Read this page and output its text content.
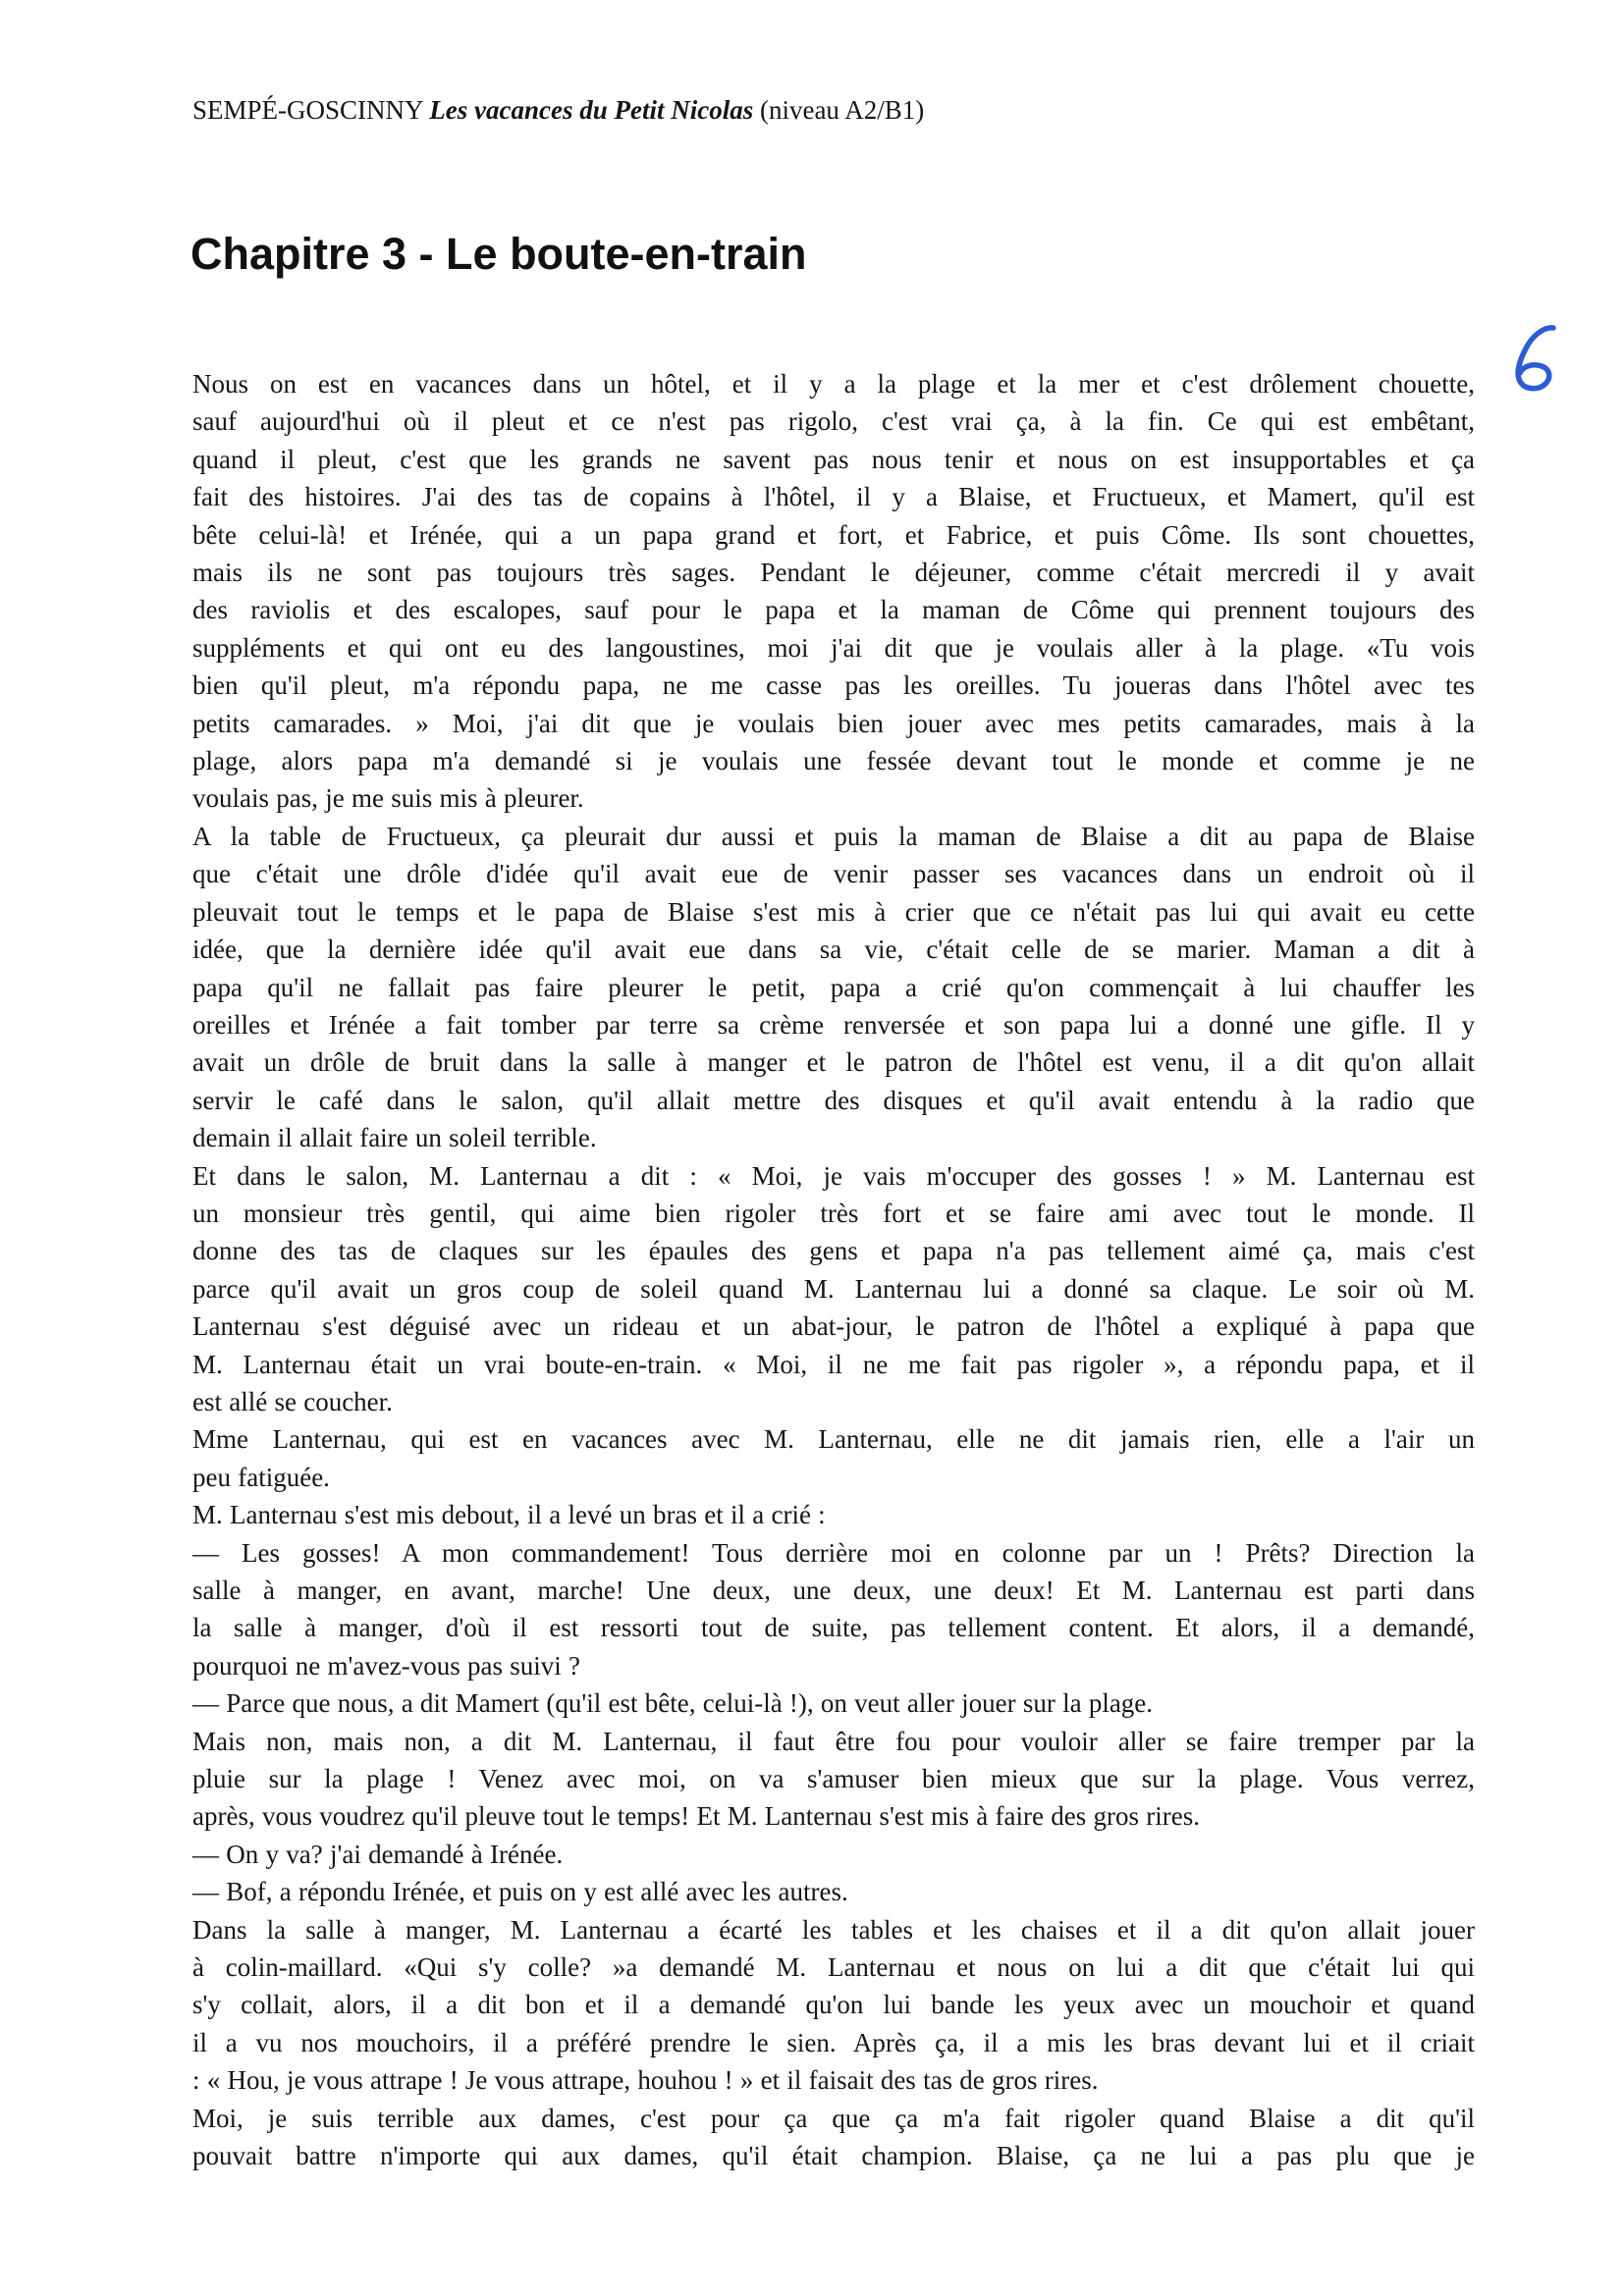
SEMPÉ-GOSCINNY Les vacances du Petit Nicolas (niveau A2/B1)
Chapitre 3 - Le boute-en-train
Nous on est en vacances dans un hôtel, et il y a la plage et la mer et c'est drôlement chouette,
sauf aujourd'hui où il pleut et ce n'est pas rigolo, c'est vrai ça, à la fin. Ce qui est embêtant,
quand il pleut, c'est que les grands ne savent pas nous tenir et nous on est insupportables et ça
fait des histoires. J'ai des tas de copains à l'hôtel, il y a Blaise, et Fructueux, et Mamert, qu'il est
bête celui-là! et Irénée, qui a un papa grand et fort, et Fabrice, et puis Côme. Ils sont chouettes,
mais ils ne sont pas toujours très sages. Pendant le déjeuner, comme c'était mercredi il y avait
des raviolis et des escalopes, sauf pour le papa et la maman de Côme qui prennent toujours des
suppléments et qui ont eu des langoustines, moi j'ai dit que je voulais aller à la plage. «Tu vois
bien qu'il pleut, m'a répondu papa, ne me casse pas les oreilles. Tu joueras dans l'hôtel avec tes
petits camarades. » Moi, j'ai dit que je voulais bien jouer avec mes petits camarades, mais à la
plage, alors papa m'a demandé si je voulais une fessée devant tout le monde et comme je ne
voulais pas, je me suis mis à pleurer.
A la table de Fructueux, ça pleurait dur aussi et puis la maman de Blaise a dit au papa de Blaise
que c'était une drôle d'idée qu'il avait eue de venir passer ses vacances dans un endroit où il
pleuvait tout le temps et le papa de Blaise s'est mis à crier que ce n'était pas lui qui avait eu cette
idée, que la dernière idée qu'il avait eue dans sa vie, c'était celle de se marier. Maman a dit à
papa qu'il ne fallait pas faire pleurer le petit, papa a crié qu'on commençait à lui chauffer les
oreilles et Irénée a fait tomber par terre sa crème renversée et son papa lui a donné une gifle. Il y
avait un drôle de bruit dans la salle à manger et le patron de l'hôtel est venu, il a dit qu'on allait
servir le café dans le salon, qu'il allait mettre des disques et qu'il avait entendu à la radio que
demain il allait faire un soleil terrible.
Et dans le salon, M. Lanternau a dit : « Moi, je vais m'occuper des gosses ! » M. Lanternau est
un monsieur très gentil, qui aime bien rigoler très fort et se faire ami avec tout le monde. Il
donne des tas de claques sur les épaules des gens et papa n'a pas tellement aimé ça, mais c'est
parce qu'il avait un gros coup de soleil quand M. Lanternau lui a donné sa claque. Le soir où M.
Lanternau s'est déguisé avec un rideau et un abat-jour, le patron de l'hôtel a expliqué à papa que
M. Lanternau était un vrai boute-en-train. « Moi, il ne me fait pas rigoler », a répondu papa, et il
est allé se coucher.
Mme Lanternau, qui est en vacances avec M. Lanternau, elle ne dit jamais rien, elle a l'air un
peu fatiguée.
M. Lanternau s'est mis debout, il a levé un bras et il a crié :
— Les gosses! A mon commandement! Tous derrière moi en colonne par un ! Prêts? Direction la
salle à manger, en avant, marche! Une deux, une deux, une deux! Et M. Lanternau est parti dans
la salle à manger, d'où il est ressorti tout de suite, pas tellement content. Et alors, il a demandé,
pourquoi ne m'avez-vous pas suivi ?
— Parce que nous, a dit Mamert (qu'il est bête, celui-là !), on veut aller jouer sur la plage.
Mais non, mais non, a dit M. Lanternau, il faut être fou pour vouloir aller se faire tremper par la
pluie sur la plage ! Venez avec moi, on va s'amuser bien mieux que sur la plage. Vous verrez,
après, vous voudrez qu'il pleuve tout le temps! Et M. Lanternau s'est mis à faire des gros rires.
— On y va? j'ai demandé à Irénée.
— Bof, a répondu Irénée, et puis on y est allé avec les autres.
Dans la salle à manger, M. Lanternau a écarté les tables et les chaises et il a dit qu'on allait jouer
à colin-maillard. «Qui s'y colle? »a demandé M. Lanternau et nous on lui a dit que c'était lui qui
s'y collait, alors, il a dit bon et il a demandé qu'on lui bande les yeux avec un mouchoir et quand
il a vu nos mouchoirs, il a préféré prendre le sien. Après ça, il a mis les bras devant lui et il criait
: « Hou, je vous attrape ! Je vous attrape, houhou ! » et il faisait des tas de gros rires.
Moi, je suis terrible aux dames, c'est pour ça que ça m'a fait rigoler quand Blaise a dit qu'il
pouvait battre n'importe qui aux dames, qu'il était champion. Blaise, ça ne lui a pas plu que je
